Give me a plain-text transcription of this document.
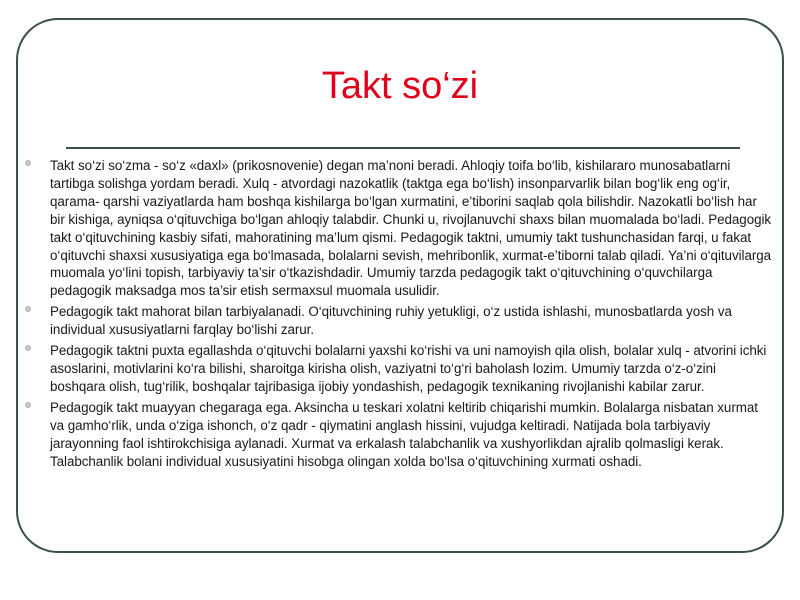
Takt so‘zi
Takt so‘zi so‘zma - so‘z «daxl» (prikosnovenie) degan ma’noni beradi. Ahloqiy toifa bo‘lib, kishilararo munosabatlarni tartibga solishga yordam beradi. Xulq - atvordagi nazokatlik (taktga ega bo‘lish) insonparvarlik bilan bog‘lik eng og‘ir, qarama- qarshi vaziyatlarda ham boshqa kishilarga bo‘lgan xurmatini, e’tiborini saqlab qola bilishdir. Nazokatli bo‘lish har bir kishiga, ayniqsa o‘qituvchiga bo‘lgan ahloqiy talabdir. Chunki u, rivojlanuvchi shaxs bilan muomalada bo‘ladi. Pedagogik takt o‘qituvchining kasbiy sifati, mahoratining ma’lum qismi. Pedagogik taktni, umumiy takt tushunchasidan farqi, u fakat o‘qituvchi shaxsi xususiyatiga ega bo‘lmasada, bolalarni sevish, mehribonlik, xurmat-e’tiborni talab qiladi. Ya’ni o‘qituvilarga muomala yo‘lini topish, tarbiyaviy ta’sir o‘tkazishdadir. Umumiy tarzda pedagogik takt o‘qituvchining o‘quvchilarga pedagogik maksadga mos ta’sir etish sermaxsul muomala usulidir.
Pedagogik takt mahorat bilan tarbiyalanadi. O‘qituvchining ruhiy yetukligi, o‘z ustida ishlashi, munosbatlarda yosh va individual xususiyatlarni farqlay bo‘lishi zarur.
Pedagogik taktni puxta egallashda o‘qituvchi bolalarni yaxshi ko‘rishi va uni namoyish qila olish, bolalar xulq - atvorini ichki asoslarini, motivlarini ko‘ra bilishi, sharoitga kirisha olish, vaziyatni to‘g‘ri baholash lozim. Umumiy tarzda o‘z-o‘zini boshqara olish, tug‘rilik, boshqalar tajribasiga ijobiy yondashish, pedagogik texnikaning rivojlanishi kabilar zarur.
Pedagogik takt muayyan chegaraga ega. Aksincha u teskari xolatni keltirib chiqarishi mumkin. Bolalarga nisbatan xurmat va gamho‘rlik, unda o‘ziga ishonch, o‘z qadr - qiymatini anglash hissini, vujudga keltiradi. Natijada bola tarbiyaviy jarayonning faol ishtirokchisiga aylanadi. Xurmat va erkalash talabchanlik va xushyorlikdan ajralib qolmasligi kerak. Talabchanlik bolani individual xususiyatini hisobga olingan xolda bo‘lsa o‘qituvchining xurmati oshadi.
